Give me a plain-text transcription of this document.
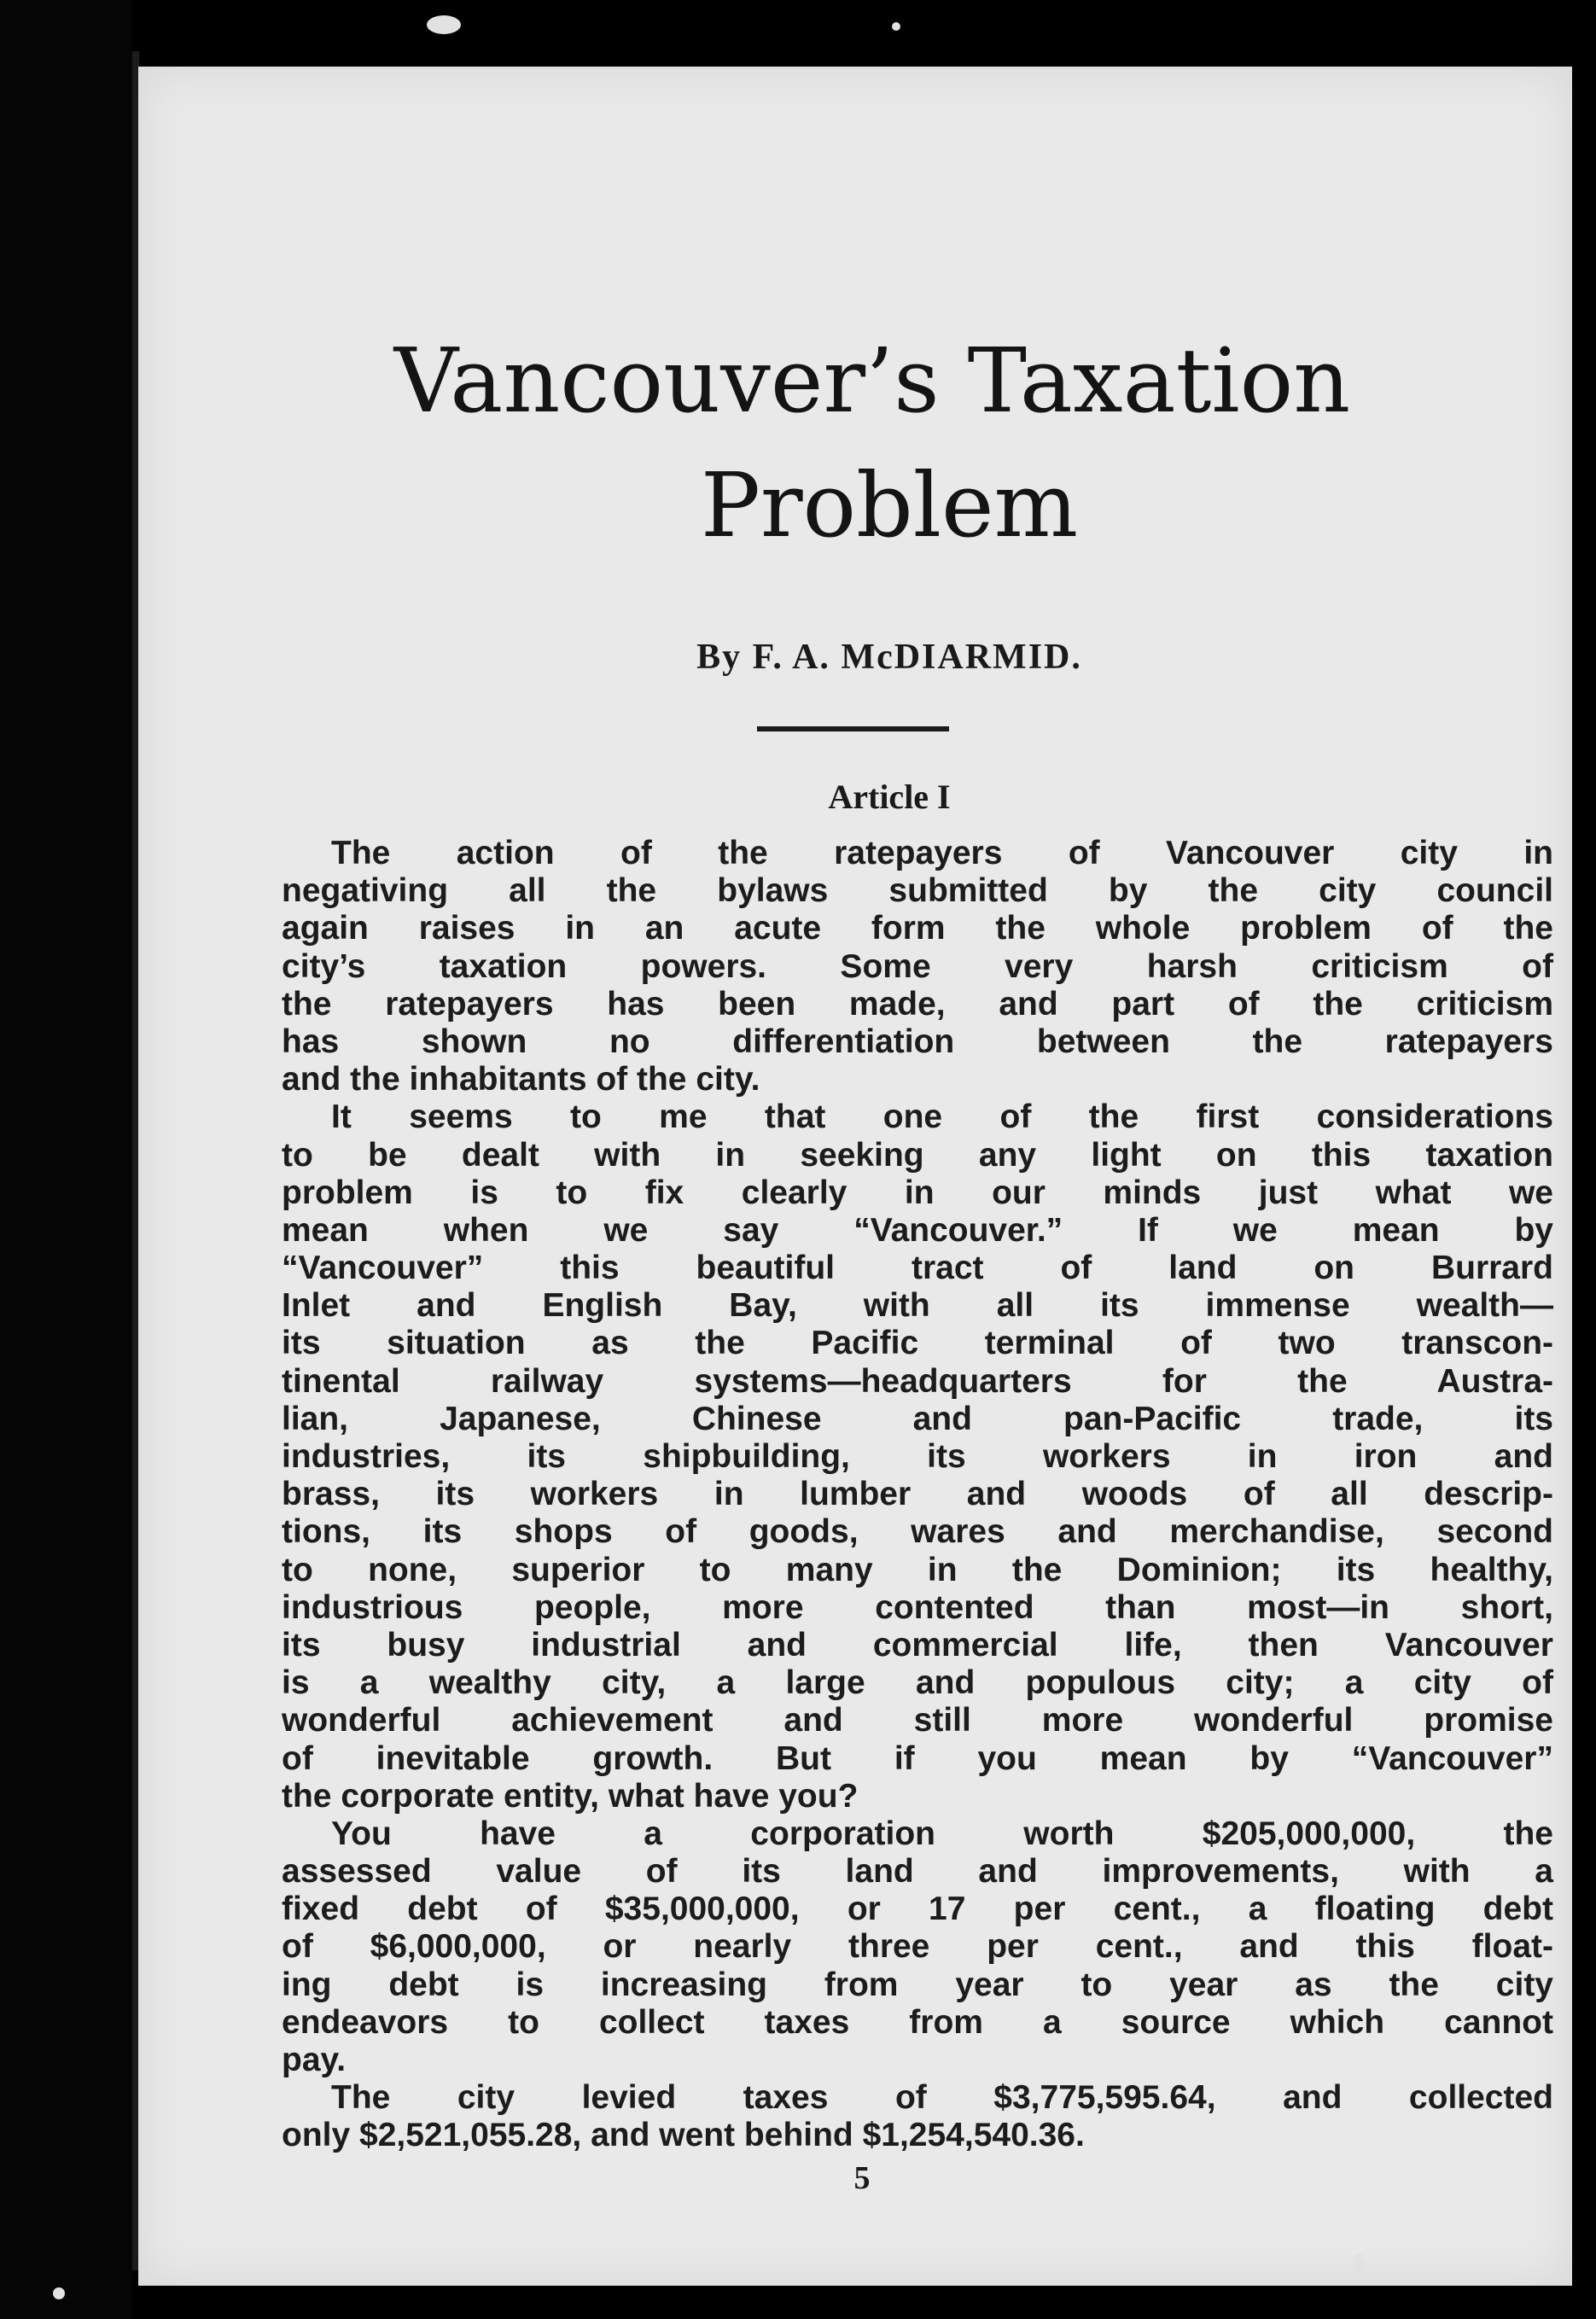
Vancouver’s Taxation
Problem
By F. A. McDIARMID.
Article I
The action of the ratepayers of Vancouver city in
negativing all the bylaws submitted by the city council
again raises in an acute form the whole problem of the
city’s taxation powers. Some very harsh criticism of
the ratepayers has been made, and part of the criticism
has shown no differentiation between the ratepayers
and the inhabitants of the city.
It seems to me that one of the first considerations
to be dealt with in seeking any light on this taxation
problem is to fix clearly in our minds just what we
mean when we say “Vancouver.” If we mean by
“Vancouver” this beautiful tract of land on Burrard
Inlet and English Bay, with all its immense wealth—
its situation as the Pacific terminal of two transcon-
tinental railway systems—headquarters for the Austra-
lian, Japanese, Chinese and pan-Pacific trade, its
industries, its shipbuilding, its workers in iron and
brass, its workers in lumber and woods of all descrip-
tions, its shops of goods, wares and merchandise, second
to none, superior to many in the Dominion; its healthy,
industrious people, more contented than most—in short,
its busy industrial and commercial life, then Vancouver
is a wealthy city, a large and populous city; a city of
wonderful achievement and still more wonderful promise
of inevitable growth. But if you mean by “Vancouver”
the corporate entity, what have you?
You have a corporation worth $205,000,000, the
assessed value of its land and improvements, with a
fixed debt of $35,000,000, or 17 per cent., a floating debt
of $6,000,000, or nearly three per cent., and this float-
ing debt is increasing from year to year as the city
endeavors to collect taxes from a source which cannot
pay.
The city levied taxes of $3,775,595.64, and collected
only $2,521,055.28, and went behind $1,254,540.36.
5
